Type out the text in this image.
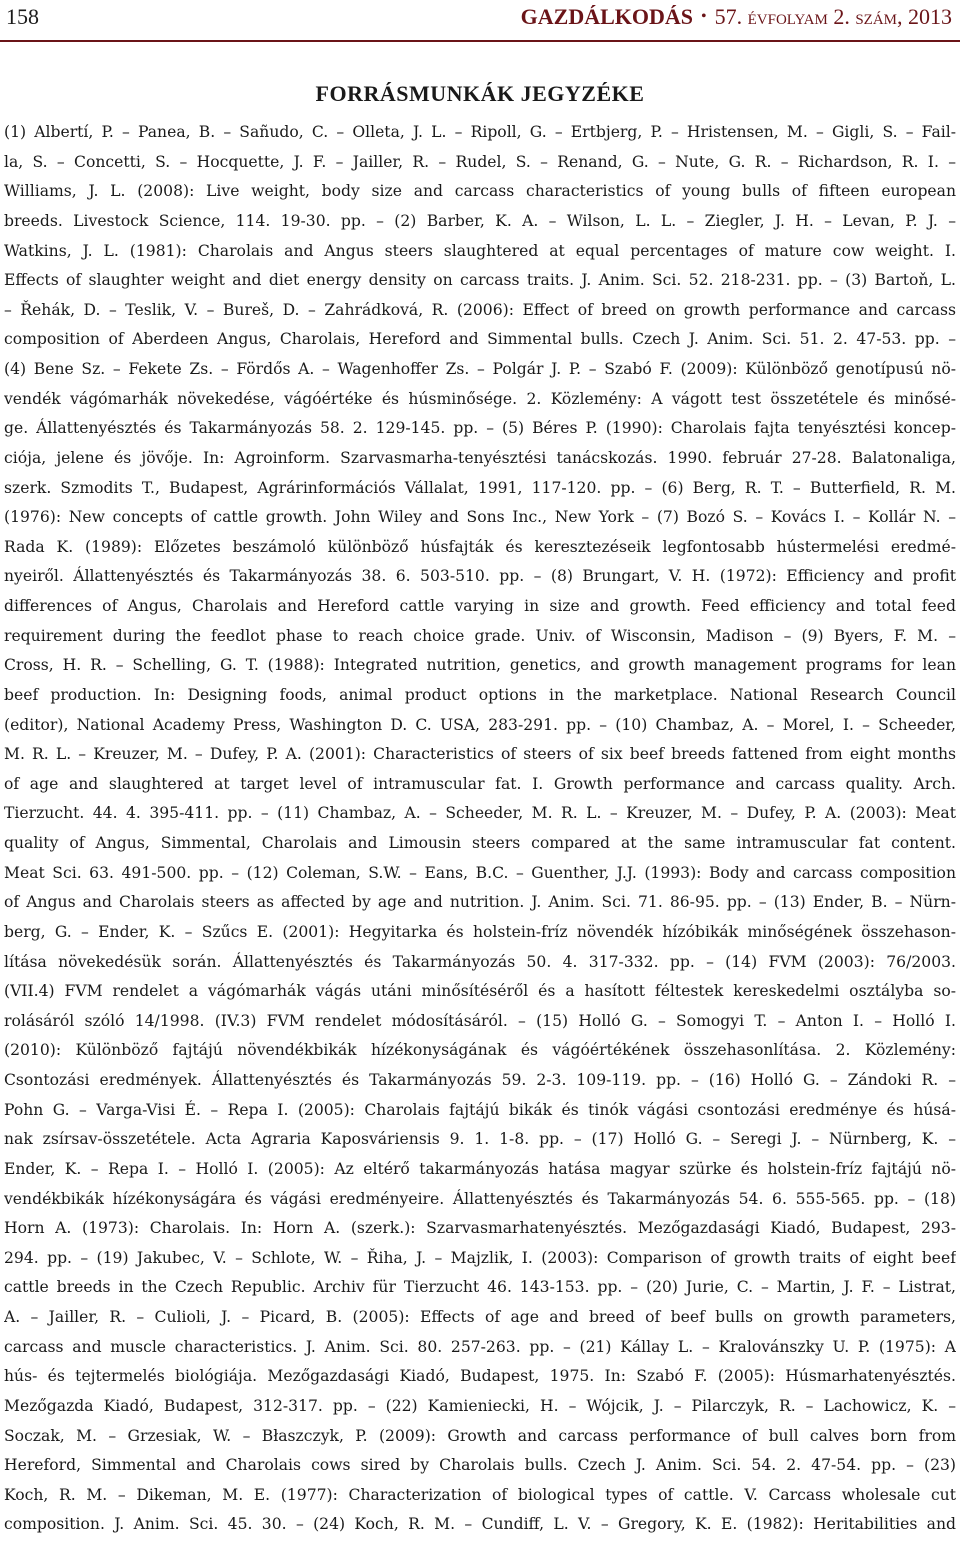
158	GAZDÁLKODÁS • 57. évfolyam 2. szám, 2013
FORRÁSMUNKÁK JEGYZÉKE
(1) Albertí, P. – Panea, B. – Sañudo, C. – Olleta, J. L. – Ripoll, G. – Ertbjerg, P. – Hristensen, M. – Gigli, S. – Fail-
la, S. – Concetti, S. – Hocquette, J. F. – Jailler, R. – Rudel, S. – Renand, G. – Nute, G. R. – Richardson, R. I. –
Williams, J. L. (2008): Live weight, body size and carcass characteristics of young bulls of fifteen european
breeds. Livestock Science, 114. 19-30. pp. – (2) Barber, K. A. – Wilson, L. L. – Ziegler, J. H. – Levan, P. J. –
Watkins, J. L. (1981): Charolais and Angus steers slaughtered at equal percentages of mature cow weight. I.
Effects of slaughter weight and diet energy density on carcass traits. J. Anim. Sci. 52. 218-231. pp. – (3) Bartoň, L.
– Řehák, D. – Teslik, V. – Bureš, D. – Zahrádková, R. (2006): Effect of breed on growth performance and carcass
composition of Aberdeen Angus, Charolais, Hereford and Simmental bulls. Czech J. Anim. Sci. 51. 2. 47-53. pp. –
(4) Bene Sz. – Fekete Zs. – Fördős A. – Wagenhoffer Zs. – Polgár J. P. – Szabó F. (2009): Különböző genotípusú nö-
vendék vágómarhák növekedése, vágóértéke és húsminősége. 2. Közlemény: A vágott test összetétele és minősé-
ge. Állattenyésztés és Takarmányozás 58. 2. 129-145. pp. – (5) Béres P. (1990): Charolais fajta tenyésztési koncep-
ciója, jelene és jövője. In: Agroinform. Szarvasmarha-tenyésztési tanácskozás. 1990. február 27-28. Balatonaliga,
szerk. Szmodits T., Budapest, Agrárinformációs Vállalat, 1991, 117-120. pp. – (6) Berg, R. T. – Butterfield, R. M.
(1976): New concepts of cattle growth. John Wiley and Sons Inc., New York – (7) Bozó S. – Kovács I. – Kollár N. –
Rada K. (1989): Előzetes beszámoló különböző húsfajták és keresztezéseik legfontosabb hústermelési eredmé-
nyeiről. Állattenyésztés és Takarmányozás 38. 6. 503-510. pp. – (8) Brungart, V. H. (1972): Efficiency and profit
differences of Angus, Charolais and Hereford cattle varying in size and growth. Feed efficiency and total feed
requirement during the feedlot phase to reach choice grade. Univ. of Wisconsin, Madison – (9) Byers, F. M. –
Cross, H. R. – Schelling, G. T. (1988): Integrated nutrition, genetics, and growth management programs for lean
beef production. In: Designing foods, animal product options in the marketplace. National Research Council
(editor), National Academy Press, Washington D. C. USA, 283-291. pp. – (10) Chambaz, A. – Morel, I. – Scheeder,
M. R. L. – Kreuzer, M. – Dufey, P. A. (2001): Characteristics of steers of six beef breeds fattened from eight months
of age and slaughtered at target level of intramuscular fat. I. Growth performance and carcass quality. Arch.
Tierzucht. 44. 4. 395-411. pp. – (11) Chambaz, A. – Scheeder, M. R. L. – Kreuzer, M. – Dufey, P. A. (2003): Meat
quality of Angus, Simmental, Charolais and Limousin steers compared at the same intramuscular fat content.
Meat Sci. 63. 491-500. pp. – (12) Coleman, S.W. – Eans, B.C. – Guenther, J.J. (1993): Body and carcass composition
of Angus and Charolais steers as affected by age and nutrition. J. Anim. Sci. 71. 86-95. pp. – (13) Ender, B. – Nürn-
berg, G. – Ender, K. – Szűcs E. (2001): Hegyitarka és holstein-fríz növendék hízóbikák minőségének összehason-
lítása növekedésük során. Állattenyésztés és Takarmányozás 50. 4. 317-332. pp. – (14) FVM (2003): 76/2003.
(VII.4) FVM rendelet a vágómarhák vágás utáni minősítéséről és a hasított féltestek kereskedelmi osztályba so-
rolásáról szóló 14/1998. (IV.3) FVM rendelet módosításáról. – (15) Holló G. – Somogyi T. – Anton I. – Holló I.
(2010): Különböző fajtájú növendékbikák hízékonyságának és vágóértékének összehasonlítása. 2. Közlemény:
Csontozási eredmények. Állattenyésztés és Takarmányozás 59. 2-3. 109-119. pp. – (16) Holló G. – Zándoki R. –
Pohn G. – Varga-Visi É. – Repa I. (2005): Charolais fajtájú bikák és tinók vágási csontozási eredménye és húsá-
nak zsírsav-összetétele. Acta Agraria Kaposváriensis 9. 1. 1-8. pp. – (17) Holló G. – Seregi J. – Nürnberg, K. –
Ender, K. – Repa I. – Holló I. (2005): Az eltérő takarmányozás hatása magyar szürke és holstein-fríz fajtájú nö-
vendékbikák hízékonyságára és vágási eredményeire. Állattenyésztés és Takarmányozás 54. 6. 555-565. pp. – (18)
Horn A. (1973): Charolais. In: Horn A. (szerk.): Szarvasmarhatenyésztés. Mezőgazdasági Kiadó, Budapest, 293-
294. pp. – (19) Jakubec, V. – Schlote, W. – Řiha, J. – Majzlik, I. (2003): Comparison of growth traits of eight beef
cattle breeds in the Czech Republic. Archiv für Tierzucht 46. 143-153. pp. – (20) Jurie, C. – Martin, J. F. – Listrat,
A. – Jailler, R. – Culioli, J. – Picard, B. (2005): Effects of age and breed of beef bulls on growth parameters,
carcass and muscle characteristics. J. Anim. Sci. 80. 257-263. pp. – (21) Kállay L. – Kralovánszky U. P. (1975): A
hús- és tejtermelés biológiája. Mezőgazdasági Kiadó, Budapest, 1975. In: Szabó F. (2005): Húsmarhatenyésztés.
Mezőgazda Kiadó, Budapest, 312-317. pp. – (22) Kamieniecki, H. – Wójcik, J. – Pilarczyk, R. – Lachowicz, K. –
Soczak, M. – Grzesiak, W. – Błaszczyk, P. (2009): Growth and carcass performance of bull calves born from
Hereford, Simmental and Charolais cows sired by Charolais bulls. Czech J. Anim. Sci. 54. 2. 47-54. pp. – (23)
Koch, R. M. – Dikeman, M. E. (1977): Characterization of biological types of cattle. V. Carcass wholesale cut
composition. J. Anim. Sci. 45. 30. – (24) Koch, R. M. – Cundiff, L. V. – Gregory, K. E. (1982): Heritabilities and
